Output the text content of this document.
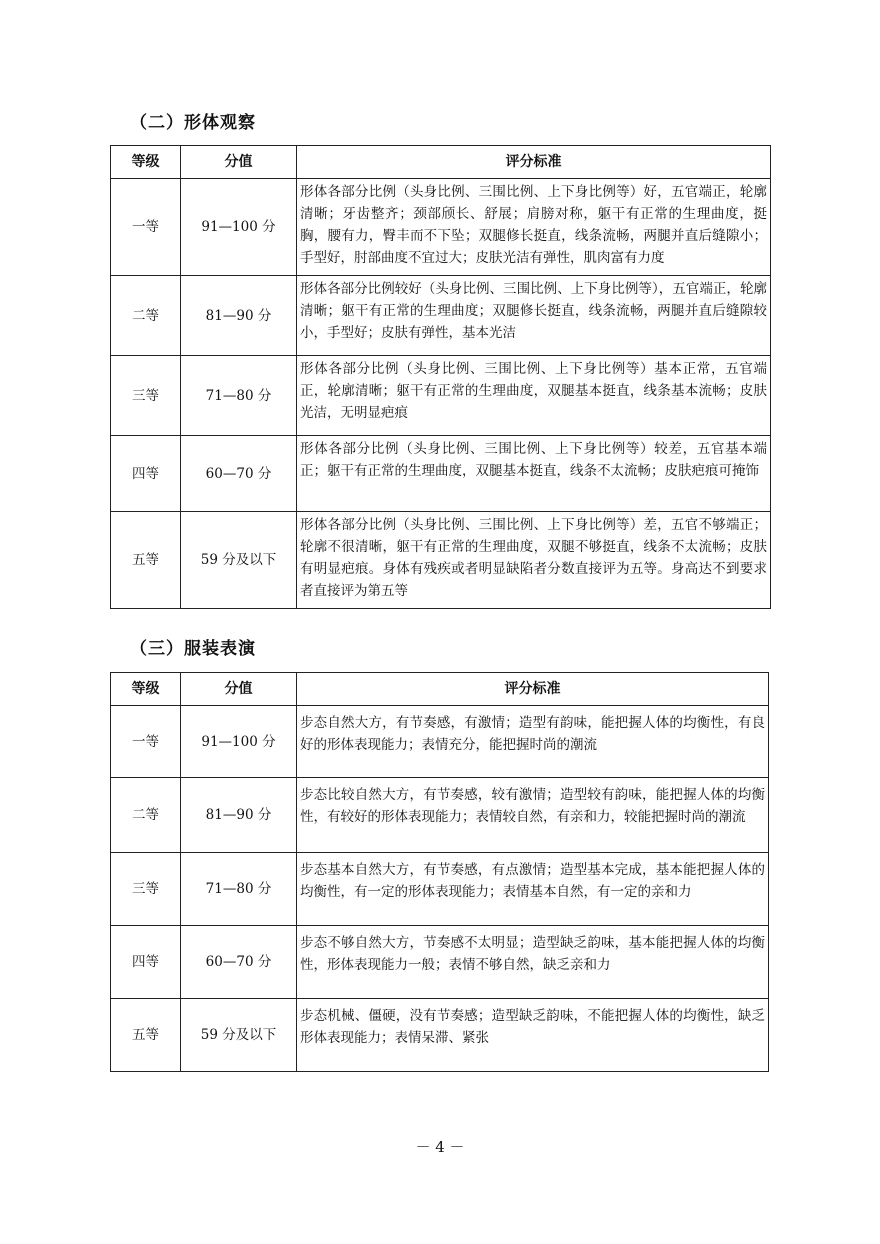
（二）形体观察
等级	分值	评分标准
一等	91—100 分	形体各部分比例（头身比例、三围比例、上下身比例等）好，五官端正，轮廓清晰；牙齿整齐；颈部颀长、舒展；肩膀对称，躯干有正常的生理曲度，挺胸，腰有力，臀丰而不下坠；双腿修长挺直，线条流畅，两腿并直后缝隙小；手型好，肘部曲度不宜过大；皮肤光洁有弹性，肌肉富有力度
二等	81—90 分	形体各部分比例较好（头身比例、三围比例、上下身比例等），五官端正，轮廓清晰；躯干有正常的生理曲度；双腿修长挺直，线条流畅，两腿并直后缝隙较小，手型好；皮肤有弹性，基本光洁
三等	71—80 分	形体各部分比例（头身比例、三围比例、上下身比例等）基本正常，五官端正，轮廓清晰；躯干有正常的生理曲度，双腿基本挺直，线条基本流畅；皮肤光洁，无明显疤痕
四等	60—70 分	形体各部分比例（头身比例、三围比例、上下身比例等）较差，五官基本端正；躯干有正常的生理曲度，双腿基本挺直，线条不太流畅；皮肤疤痕可掩饰
五等	59 分及以下	形体各部分比例（头身比例、三围比例、上下身比例等）差，五官不够端正；轮廓不很清晰，躯干有正常的生理曲度，双腿不够挺直，线条不太流畅；皮肤有明显疤痕。身体有残疾或者明显缺陷者分数直接评为五等。身高达不到要求者直接评为第五等
（三）服装表演
等级	分值	评分标准
一等	91—100 分	步态自然大方，有节奏感，有激情；造型有韵味，能把握人体的均衡性，有良好的形体表现能力；表情充分，能把握时尚的潮流
二等	81—90 分	步态比较自然大方，有节奏感，较有激情；造型较有韵味，能把握人体的均衡性，有较好的形体表现能力；表情较自然，有亲和力，较能把握时尚的潮流
三等	71—80 分	步态基本自然大方，有节奏感，有点激情；造型基本完成，基本能把握人体的均衡性，有一定的形体表现能力；表情基本自然，有一定的亲和力
四等	60—70 分	步态不够自然大方，节奏感不太明显；造型缺乏韵味，基本能把握人体的均衡性，形体表现能力一般；表情不够自然，缺乏亲和力
五等	59 分及以下	步态机械、僵硬，没有节奏感；造型缺乏韵味，不能把握人体的均衡性，缺乏形体表现能力；表情呆滞、紧张
－ 4 －
